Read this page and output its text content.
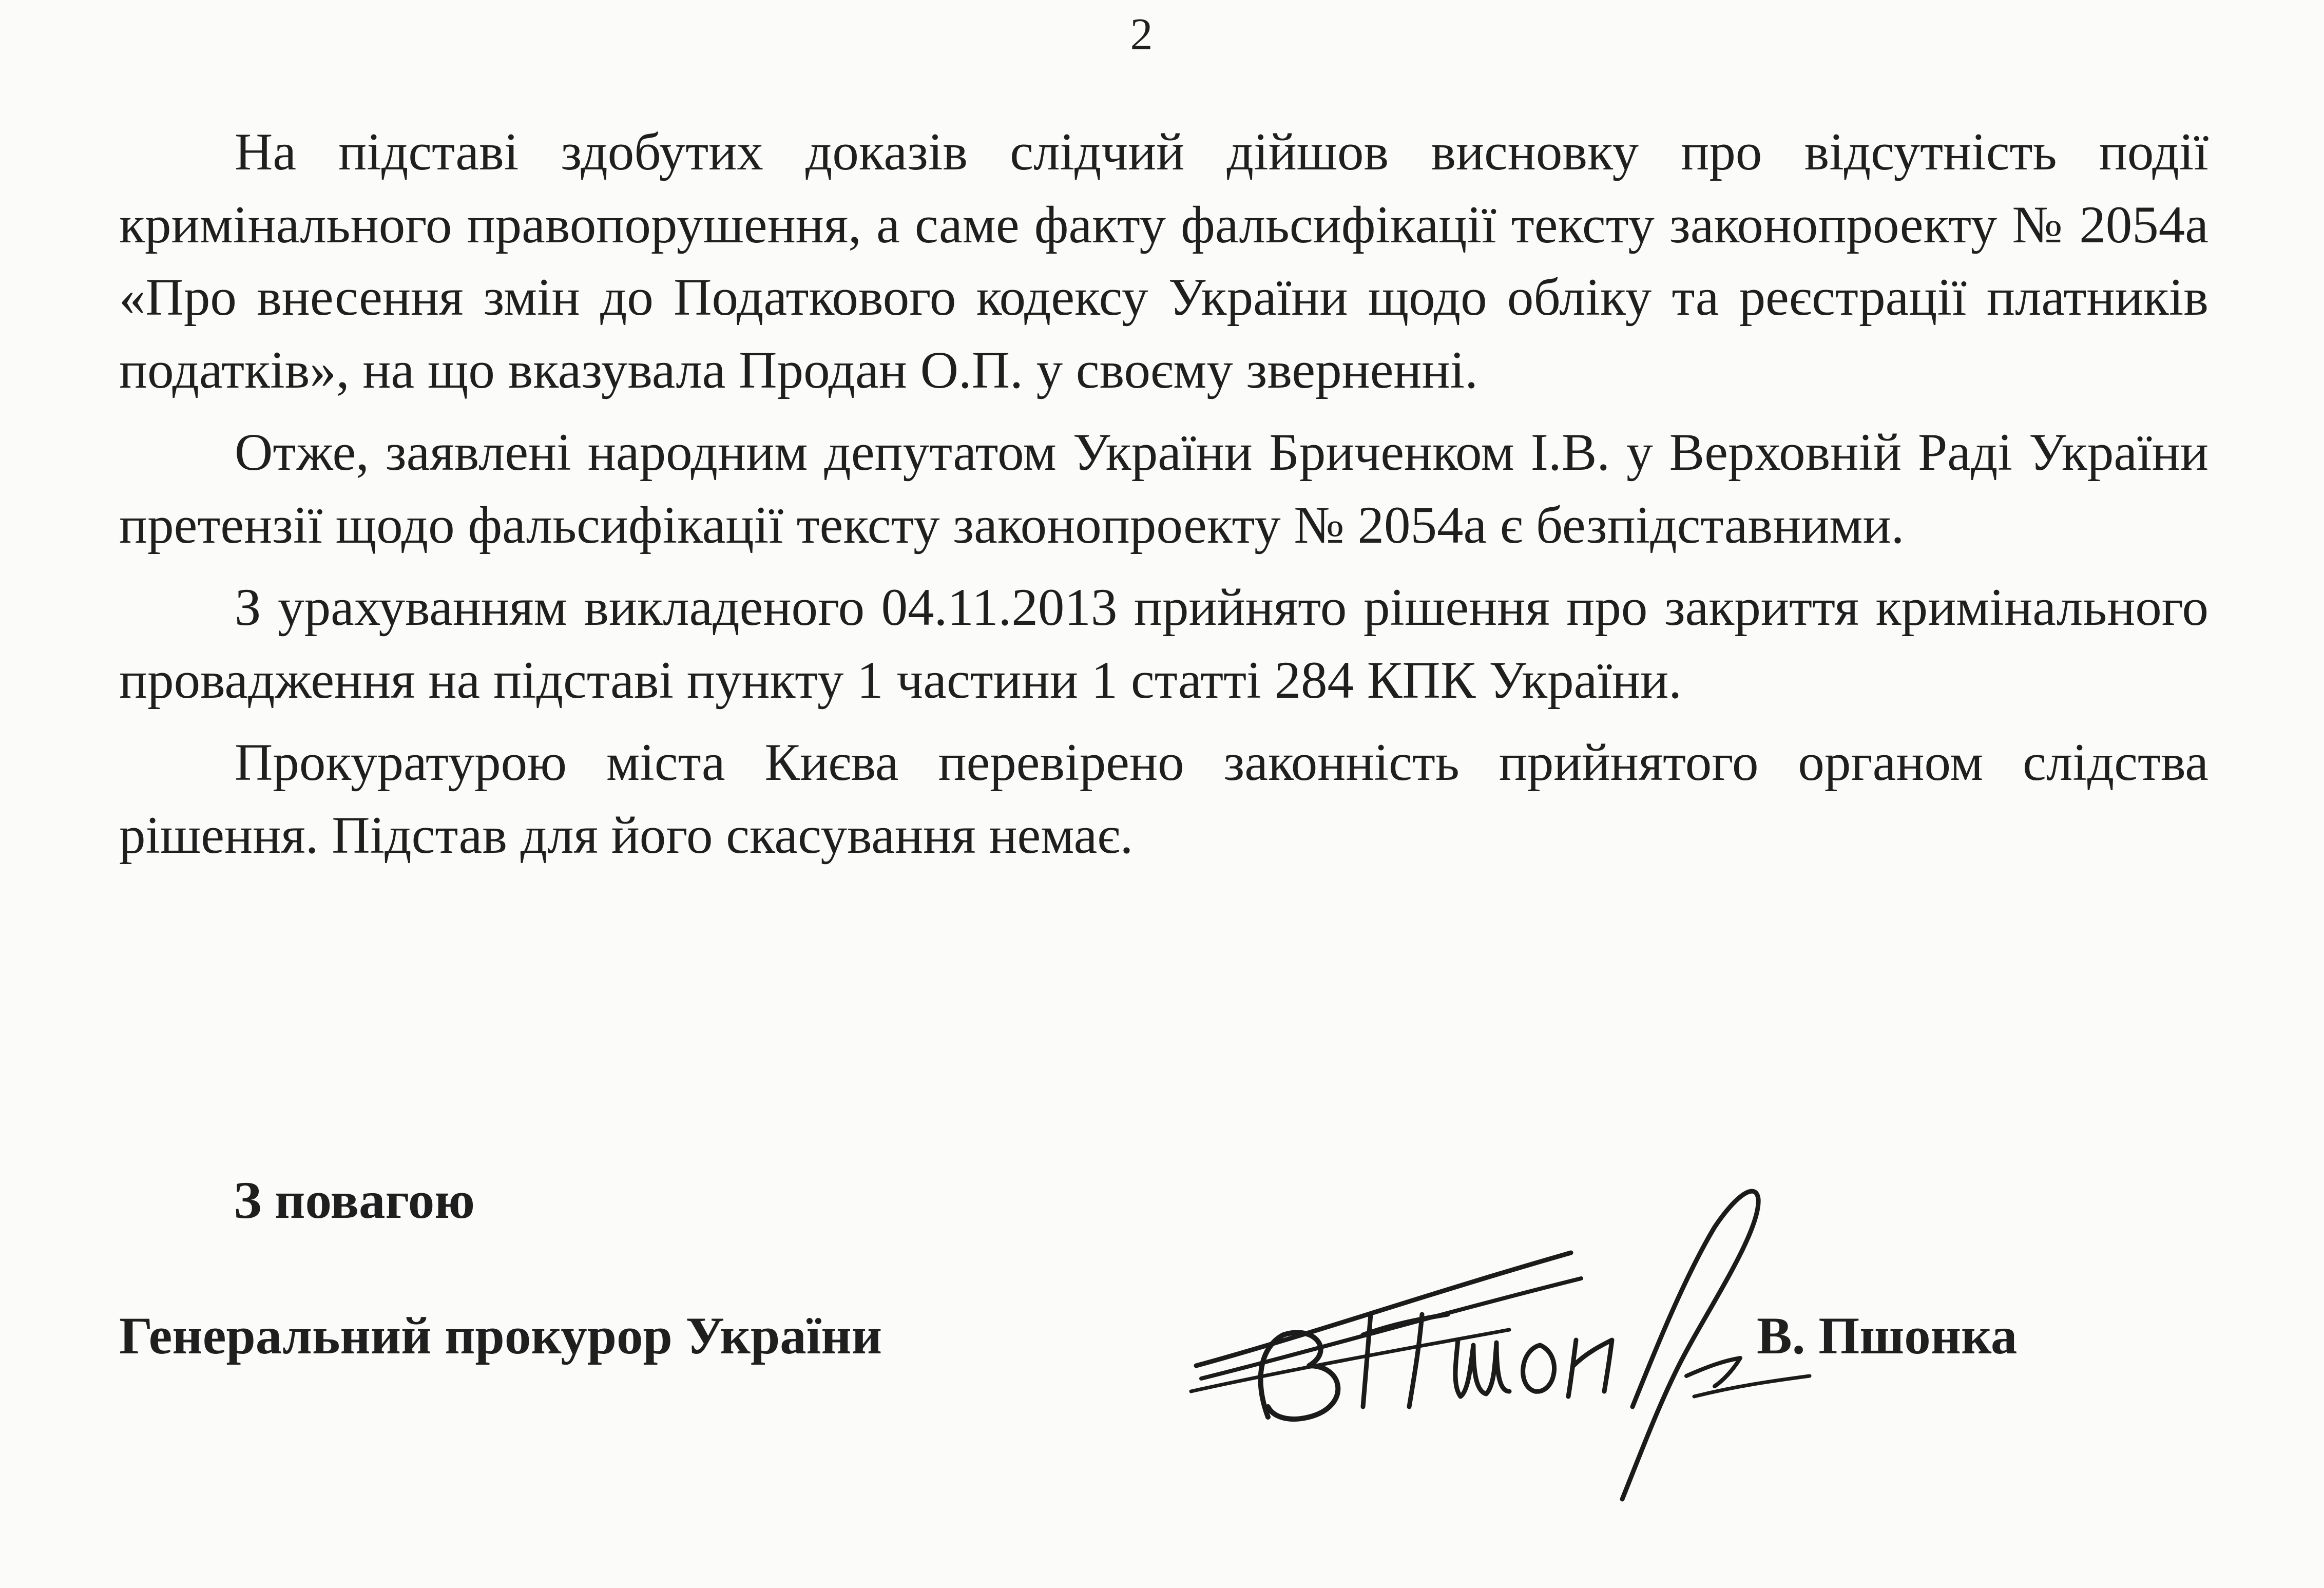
2

На підставі здобутих доказів слідчий дійшов висновку про відсутність події кримінального правопорушення, а саме факту фальсифікації тексту законопроекту № 2054а «Про внесення змін до Податкового кодексу України щодо обліку та реєстрації платників податків», на що вказувала Продан О.П. у своєму зверненні.

Отже, заявлені народним депутатом України Бриченком І.В. у Верховній Раді України претензії щодо фальсифікації тексту законопроекту № 2054а є безпідставними.

З урахуванням викладеного 04.11.2013 прийнято рішення про закриття кримінального провадження на підставі пункту 1 частини 1 статті 284 КПК України.

Прокуратурою міста Києва перевірено законність прийнятого органом слідства рішення. Підстав для його скасування немає.

З повагою
Генеральний прокурор України	В. Пшонка
